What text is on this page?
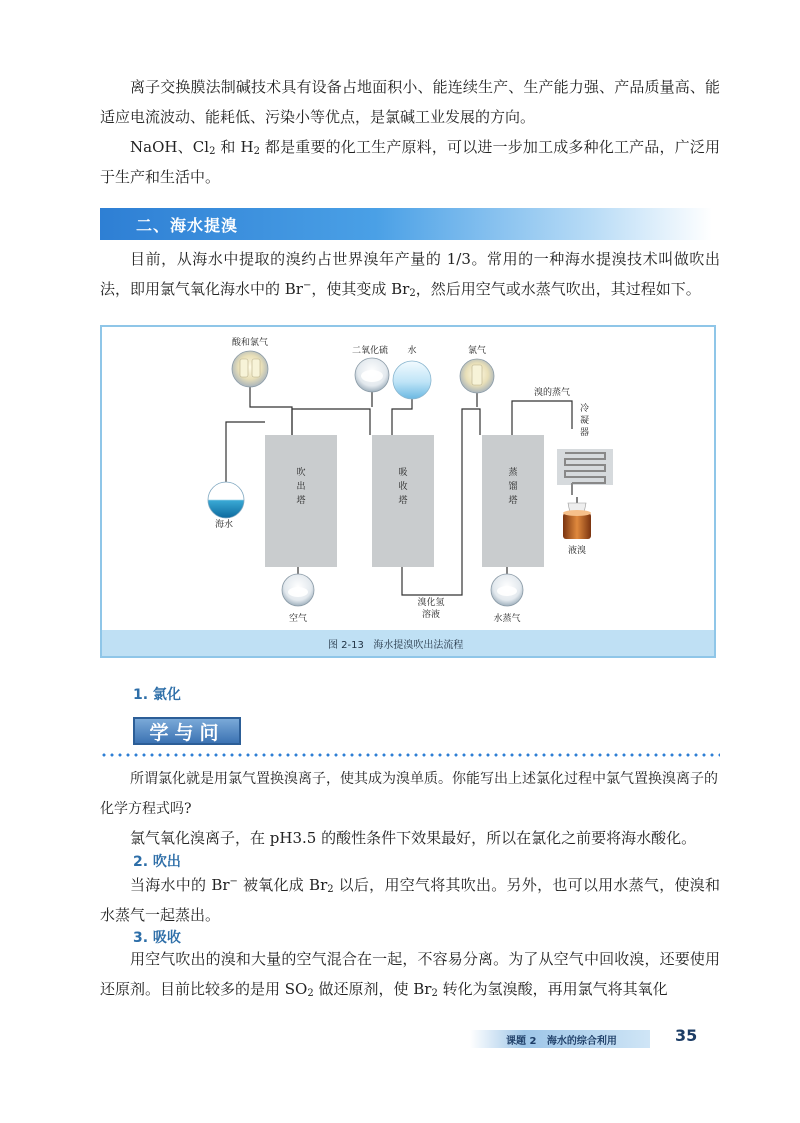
离子交换膜法制碱技术具有设备占地面积小、能连续生产、生产能力强、产品质量高、能适应电流波动、能耗低、污染小等优点，是氯碱工业发展的方向。

NaOH、$Cl_2$ 和 $H_2$ 都是重要的化工生产原料，可以进一步加工成多种化工产品，广泛用于生产和生活中。

二、海水提溴

目前，从海水中提取的溴约占世界溴年产量的 1/3。常用的一种海水提溴技术叫做吹出法，即用氯气氧化海水中的 Br−，使其变成 $Br_2$，然后用空气或水蒸气吹出，其过程如下。

吹
出
塔
吸
收
塔
蒸
馏
塔
酸和氯气
二氧化硫 水	氯气
海水
空气
溴化氢
溶液	水蒸气
溴的蒸气
冷
凝
器
液溴
图 2-13   海水提溴吹出法流程

1. 氯化

学与问

所谓氯化就是用氯气置换溴离子，使其成为溴单质。你能写出上述氯化过程中氯气置换溴离子的化学方程式吗?

氯气氧化溴离子，在 pH3.5 的酸性条件下效果最好，所以在氯化之前要将海水酸化。

2. 吹出

当海水中的 Br− 被氧化成 $Br_2$ 以后，用空气将其吹出。另外，也可以用水蒸气，使溴和水蒸气一起蒸出。

3. 吸收

用空气吹出的溴和大量的空气混合在一起，不容易分离。为了从空气中回收溴，还要使用还原剂。目前比较多的是用 $SO_2$ 做还原剂，使 $Br_2$ 转化为氢溴酸，再用氯气将其氧化

课题 2   海水的综合利用	35
